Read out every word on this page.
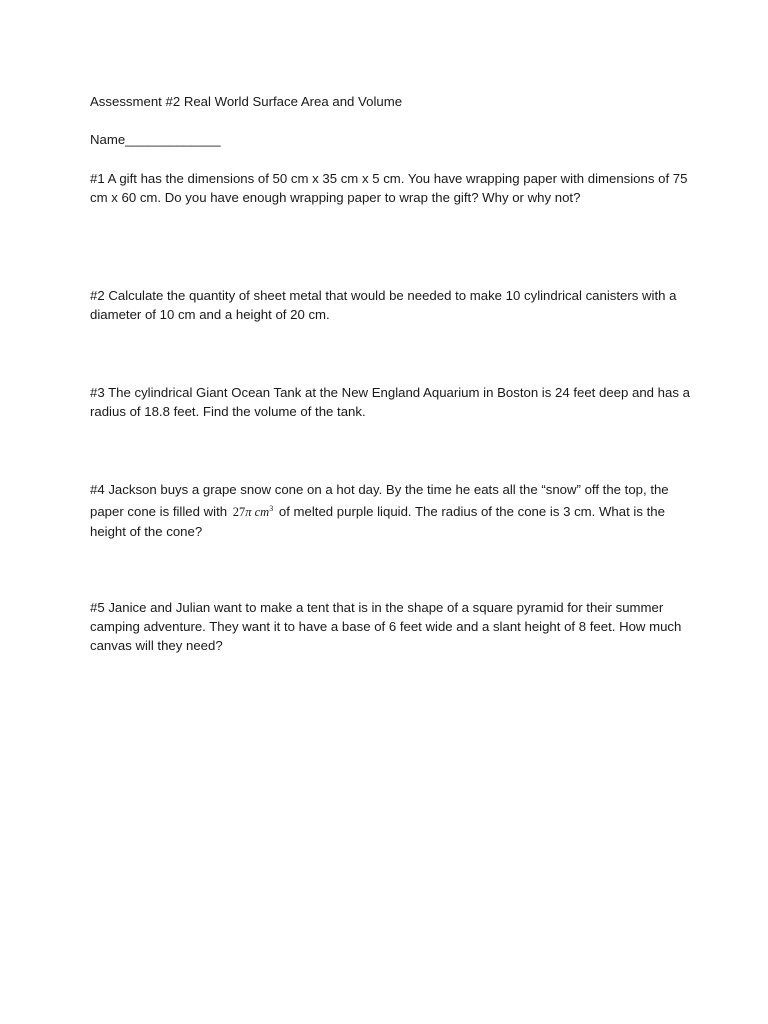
Assessment #2 Real World Surface Area and Volume
Name_____________
#1 A gift has the dimensions of 50 cm x 35 cm x 5 cm. You have wrapping paper with dimensions of 75 cm x 60 cm. Do you have enough wrapping paper to wrap the gift? Why or why not?
#2 Calculate the quantity of sheet metal that would be needed to make 10 cylindrical canisters with a diameter of 10 cm and a height of 20 cm.
#3 The cylindrical Giant Ocean Tank at the New England Aquarium in Boston is 24 feet deep and has a radius of 18.8 feet. Find the volume of the tank.
#4 Jackson buys a grape snow cone on a hot day. By the time he eats all the “snow” off the top, the paper cone is filled with 27π $cm^3$ of melted purple liquid. The radius of the cone is 3 cm. What is the height of the cone?
#5 Janice and Julian want to make a tent that is in the shape of a square pyramid for their summer camping adventure. They want it to have a base of 6 feet wide and a slant height of 8 feet. How much canvas will they need?
